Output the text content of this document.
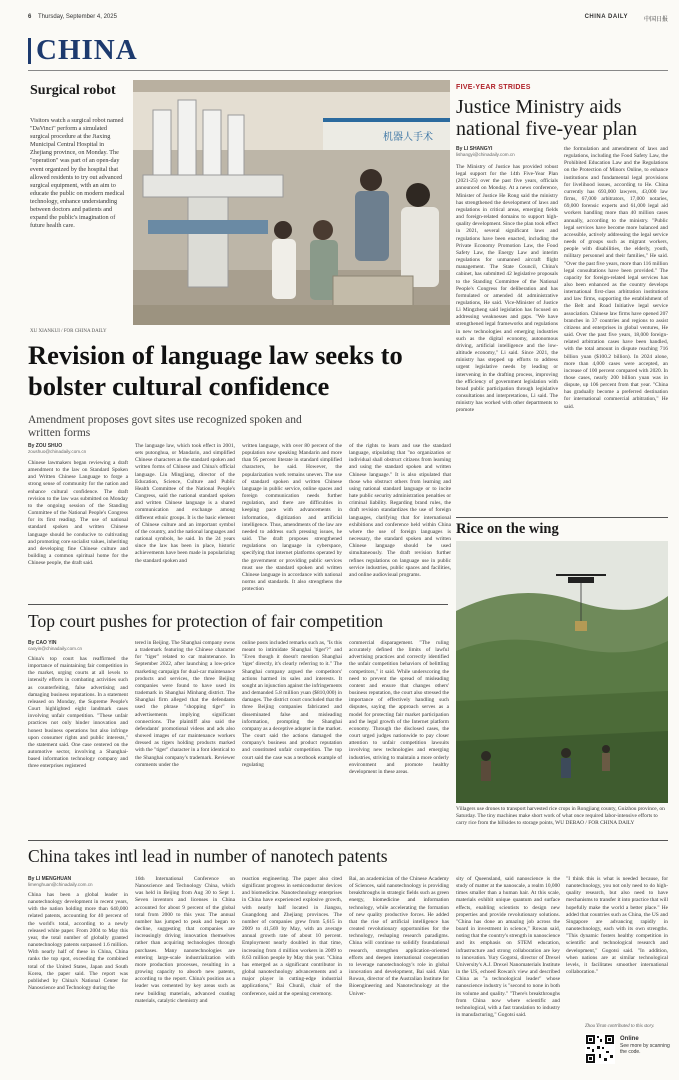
6 Thursday, September 4, 2025	CHINA DAILY	中国日报
CHINA
Surgical robot
Visitors watch a surgical robot named "DaVinci" perform a simulated surgical procedure at the Jiaxing Municipal Central Hospital in Zhejiang province, on Monday. The "operation" was part of an open-day event organized by the hospital that allowed residents to try out advanced surgical equipment, with an aim to educate the public on modern medical technology, enhance understanding between doctors and patients and expand the public's imagination of future health care.
XU XIANKUI / FOR CHINA DAILY
机器人手术
FIVE-YEAR STRIDES
Justice Ministry aids national five-year plan
By LI SHANGYI
lishangyi@chinadaily.com.cn
The Ministry of Justice has provided robust legal support for the 14th Five-Year Plan (2021-25) over the past five years, officials announced on Monday. At a news conference, Minister of Justice He Rong said the ministry has strengthened the development of laws and regulations in critical areas, emerging fields and foreign-related domains to support high-quality development. Since the plan took effect in 2021, several significant laws and regulations have been enacted, including the Private Economy Promotion Law, the Food Safety Law, the Energy Law and interim regulations for unmanned aircraft flight management. The State Council, China's cabinet, has submitted 42 legislative proposals to the Standing Committee of the National People's Congress for deliberation and has formulated or amended 44 administrative regulations, He said. Vice-Minister of Justice Li Mingzheng said legislation has focused on addressing weaknesses and gaps. "We have strengthened legal frameworks and regulations in new technologies and emerging industries such as the digital economy, autonomous driving, artificial intelligence and the low-altitude economy," Li said. Since 2021, the ministry has stepped up efforts to address urgent legislative needs by leading or intervening in the drafting process, improving the efficiency of government legislation with broad public participation through legislative consultations and interpretations, Li said. The ministry has worked with other departments to promote
the formulation and amendment of laws and regulations, including the Food Safety Law, the Prohibited Education Law and the Regulations on the Protection of Minors Online, to enhance institutions and fundamental legal provisions for livelihood issues, according to He. China currently has 693,000 lawyers, 43,000 law firms, 67,000 arbitrators, 17,000 notaries, 69,000 forensic experts and 61,000 legal aid workers handling more than 40 million cases annually, according to the ministry. "Public legal services have become more balanced and accessible, actively addressing the legal service needs of groups such as migrant workers, people with disabilities, the elderly, youth, military personnel and their families," He said. "Over the past five years, more than 116 million legal consultations have been provided." The capacity for foreign-related legal services has also been enhanced as the country develops international first-class arbitration institutions and law firms, supporting the establishment of the Belt and Road Initiative legal service association. Chinese law firms have opened 207 branches in 37 countries and regions to assist citizens and enterprises in global ventures, He said. Over the past five years, 18,000 foreign-related arbitration cases have been handled, with the total amount in dispute reaching 716 billion yuan ($100.2 billion). In 2024 alone, more than 4,000 cases were accepted, an increase of 100 percent compared with 2020. In those cases, nearly 200 billion yuan was in dispute, up 106 percent from that year. "China has gradually become a preferred destination for international commercial arbitration," He said.
Revision of language law seeks to bolster cultural confidence
Amendment proposes govt sites use recognized spoken and written forms
By ZOU SHUO
zoushuo@chinadaily.com.cn
Chinese lawmakers began reviewing a draft amendment to the law on Standard Spoken and Written Chinese Language to forge a strong sense of community for the nation and enhance cultural confidence. The draft revision to the law was submitted on Monday to the ongoing session of the Standing Committee of the National People's Congress for its first reading. The use of national standard spoken and written Chinese language should be conducive to cultivating and promoting core socialist values, inheriting and developing fine Chinese culture and building a common spiritual home for the Chinese people, the draft said.
The language law, which took effect in 2001, sets putonghua, or Mandarin, and simplified Chinese characters as the standard spoken and written forms of Chinese and China's official language. Liu Mingjiang, director of the Education, Science, Culture and Public Health Committee of the National People's Congress, said the national standard spoken and written Chinese language is a shared communication and exchange among different ethnic groups. It is the basic element of Chinese culture and an important symbol of the country, and the national languages and national symbols, he said. In the 24 years since the law has been in place, historic achievements have been made in popularizing the standard spoken and
written language, with over 80 percent of the population now speaking Mandarin and more than 95 percent literate in standard simplified characters, he said. However, the popularization work remains uneven. The use of standard spoken and written Chinese language in public service, online spaces and foreign communication needs further regulation, and there are difficulties in keeping pace with advancements in information, digitization and artificial intelligence. Thus, amendments of the law are needed to address such pressing issues, he said. The draft proposes strengthened regulations on language in cyberspace, specifying that internet platforms operated by the government or providing public services must use the standard spoken and written Chinese language in accordance with national norms and standards. It also strengthens the protection
of the rights to learn and use the standard language, stipulating that "no organization or individual shall obstruct citizens from learning and using the standard spoken and written Chinese language." It is also stipulated that those who obstruct others from learning and using national standard language or to incite hate public security administration penalties or criminal liability. Regarding brand rules, the draft revision standardizes the use of foreign languages, clarifying that for international exhibitions and conference held within China where the use of foreign languages is necessary, the standard spoken and written Chinese language should be used simultaneously. The draft revision further refines regulations on language use in public service industries, public spaces and facilities, and online audiovisual programs.
Rice on the wing
Villagers use drones to transport harvested rice crops in Rongjiang county, Guizhou province, on Saturday. The tiny machines make short work of what once required labor-intensive efforts to carry rice from the hillsides to storage points, WU DEBAO / FOR CHINA DAILY
Top court pushes for protection of fair competition
By CAO YIN
caoyin@chinadaily.com.cn
China's top court has reaffirmed the importance of maintaining fair competition in the market, urging courts at all levels to intensify efforts in combating activities such as counterfeiting, false advertising and damaging business reputations. In a statement released on Monday, the Supreme People's Court highlighted eight landmark cases involving unfair competition. "These unfair practices not only hinder innovation and honest business operations but also infringe upon consumer rights and public interests," the statement said. One case centered on the automotive sector, involving a Shanghai-based information technology company and three enterprises registered
tered in Beijing. The Shanghai company owns a trademark featuring the Chinese character for "tiger" related to car maintenance. In September 2022, after launching a low-price marketing campaign for dual-car maintenance products and services, the three Beijing companies were found to have used its trademark in Shanghai Minhang district. The Shanghai firm alleged that the defendants used the phrase "shopping tiger" in advertisements implying significant connections. The plaintiff also said the defendants' promotional videos and ads also showed images of car maintenance workers dressed as tigers holding products marked with the "tiger" character in a font identical to the Shanghai company's trademark. Reviewer comments under the
online posts included remarks such as, "Is this meant to intimidate Shanghai 'tiger'?" and "Even though it doesn't mention Shanghai 'tiger' directly, it's clearly referring to it." The Shanghai company argued the competitors' actions harmed its sales and interests. It sought an injunction against the infringements and demanded 5.8 million yuan ($810,000) in damages. The district court concluded that the three Beijing companies fabricated and disseminated false and misleading information, prompting the Shanghai company as a deceptive adopter in the market. The court said the actions damaged the company's business and product reputation and constituted unfair competition. The top court said the case was a textbook example of regulating
commercial disparagement. "The ruling accurately defined the limits of lawful advertising practices and correctly identified the unfair competition behaviors of belittling competitors," it said. While underscoring the need to prevent the spread of misleading content and ensure that changes others' business reputation, the court also stressed the importance of effectively handling such disputes, saying the approach serves as a model for protecting fair market participation and the legal growth of the Internet platform economy. Through the disclosed cases, the court urged judges nationwide to pay closer attention to unfair competition lawsuits involving new technologies and emerging industries, striving to maintain a more orderly environment and promote healthy development in these areas.
China takes intl lead in number of nanotech patents
By LI MENGHUAN
limenghuan@chinadaily.com.cn
China has been a global leader in nanotechnology development in recent years, with the nation holding more than 640,000 related patents, accounting for 40 percent of the world's total, according to a newly released white paper. From 2004 to May this year, the total number of globally granted nanotechnology patents surpassed 1.6 million. With nearly half of these in China, China ranks the top spot, exceeding the combined total of the United States, Japan and South Korea, the paper said. The report was published by China's National Center for Nanoscience and Technology during the
16th International Conference on Nanoscience and Technology China, which was held in Beijing from Aug 30 to Sept 1. Seven inventors and licenses in China accounted for about 9 percent of the global total from 2000 to this year. The annual number has jumped to peak and began to decline, suggesting that companies are increasingly driving innovation themselves rather than acquiring technologies through purchases. Many nanotechnologies are entering large-scale industrialization with more production processes, resulting in a growing capacity to absorb new patents, according to the report. China's position as a leader was cemented by key areas such as new building materials, advanced coating materials, catalytic chemistry and
reaction engineering. The paper also cited significant progress in semiconductor devices and biomedicine. Nanotechnology enterprises in China have experienced explosive growth, with nearly half located in Jiangsu, Guangdong and Zhejiang provinces. The number of companies grew from 5,615 in 2009 to 41,569 by May, with an average annual growth rate of about 10 percent. Employment nearly doubled in that time, increasing from 4 million workers in 2009 to 8.63 million people by May this year. "China has emerged as a significant contributor in global nanotechnology advancements and a major player in cutting-edge industrial applications," Bai Chunli, chair of the conference, said at the opening ceremony.
Bai, an academician of the Chinese Academy of Sciences, said nanotechnology is providing breakthroughs in strategic fields such as green energy, biomedicine and information technology, while accelerating the formation of new quality productive forces. He added that the rise of artificial intelligence has created revolutionary opportunities for the technology, reshaping research paradigms. China will continue to solidify foundational research, strengthen application-oriented efforts and deepen international cooperation to leverage nanotechnology's role in global innovation and development, Bai said. Alan Rowan, director of the Australian Institute for Bioengineering and Nanotechnology at the Univer-
sity of Queensland, said nanoscience is the study of matter at the nanoscale, a realm 10,000 times smaller than a human hair. At this scale, materials exhibit unique quantum and surface effects, enabling scientists to design new properties and provide revolutionary solutions. "China has done an amazing job across the board in investment in science," Rowan said, noting that the country's strength in nanoscience and its emphasis on STEM education, infrastructure and strong collaboration are key to innovation. Yury Gogotsi, director of Drexel University's A.J. Drexel Nanomaterials Institute in the US, echoed Rowan's view and described China as "a technological leader" whose nanoscience industry is "second to none in both its volume and quality." "There's breakthroughs from China now where scientific and technological, with a fast translation to industry in manufacturing," Gogotsi said.
"I think this is what is needed because, for nanotechnology, you not only need to do high-quality research, but also need to have mechanisms to transfer it into practice that will hopefully make the world a better place." He added that countries such as China, the US and Singapore are advancing rapidly in nanotechnology, each with its own strengths. "This dynamic fosters healthy competition in scientific and technological research and development," Gogotsi said. "In addition, when nations are at similar technological levels, it facilitates smoother international collaboration."
Zhou Yiran contributed to this story.
Online
See more by scanning the code.
